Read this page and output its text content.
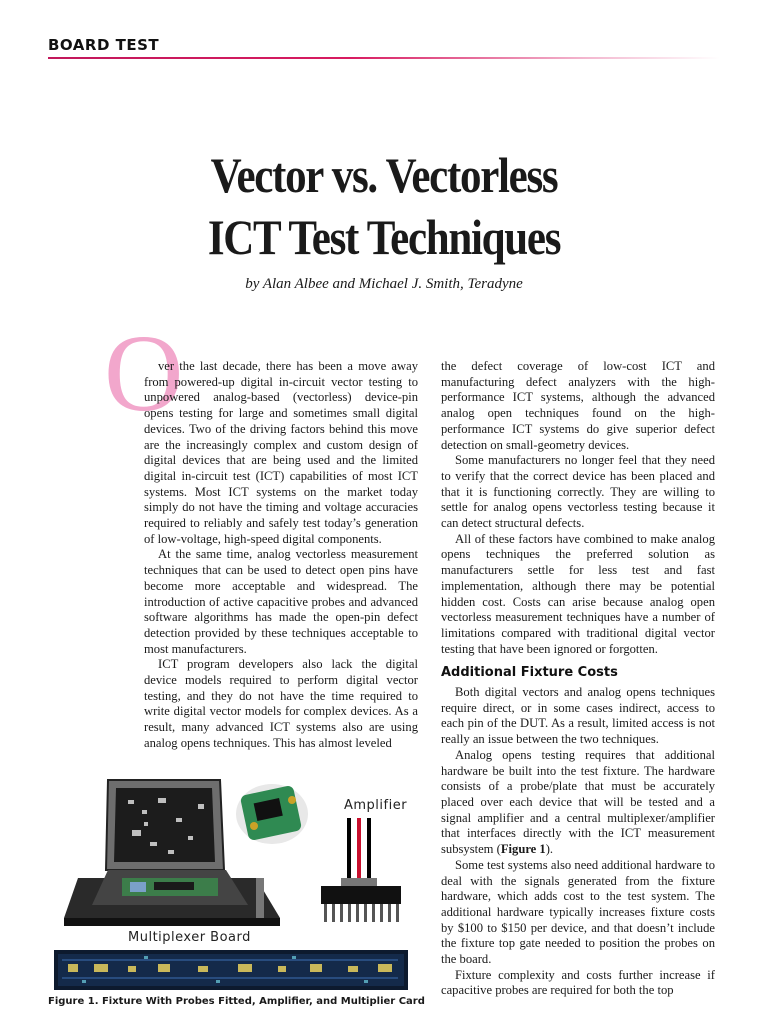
BOARD TEST
Vector vs. Vectorless
ICT Test Techniques
by Alan Albee and Michael J. Smith, Teradyne
O

ver the last decade, there has been a move away from powered-up digital in-circuit vector testing to unpowered analog-based (vectorless) device-pin opens testing for large and sometimes small digital devices. Two of the driving factors behind this move are the increasingly complex and custom design of digital devices that are being used and the limited digital in-circuit test (ICT) capabilities of most ICT systems. Most ICT systems on the market today simply do not have the timing and voltage accuracies required to reliably and safely test today’s generation of low-voltage, high-speed digital components.

At the same time, analog vectorless measurement techniques that can be used to detect open pins have become more acceptable and widespread. The introduction of active capacitive probes and advanced software algorithms has made the open-pin defect detection provided by these techniques acceptable to most manufacturers.

ICT program developers also lack the digital device models required to perform digital vector testing, and they do not have the time required to write digital vector models for complex devices. As a result, many advanced ICT systems also are using analog opens techniques. This has almost leveled

the defect coverage of low-cost ICT and manufacturing defect analyzers with the high-performance ICT systems, although the advanced analog open techniques found on the high-performance ICT systems do give superior defect detection on small-geometry devices.

Some manufacturers no longer feel that they need to verify that the correct device has been placed and that it is functioning correctly. They are willing to settle for analog opens vectorless testing because it can detect structural defects.

All of these factors have combined to make analog opens techniques the preferred solution as manufacturers settle for less test and fast implementation, although there may be potential hidden cost. Costs can arise because analog open vectorless measurement techniques have a number of limitations compared with traditional digital vector testing that have been ignored or forgotten.

Additional Fixture Costs

Both digital vectors and analog opens techniques require direct, or in some cases indirect, access to each pin of the DUT. As a result, limited access is not really an issue between the two techniques.

Analog opens testing requires that additional hardware be built into the test fixture. The hardware consists of a probe/plate that must be accurately placed over each device that will be tested and a signal amplifier and a central multiplexer/amplifier that interfaces directly with the ICT measurement subsystem (Figure 1).

Some test systems also need additional hardware to deal with the signals generated from the fixture hardware, which adds cost to the test system. The additional hardware typically increases fixture costs by $100 to $150 per device, and that doesn’t include the fixture top gate needed to position the probes on the board.

Fixture complexity and costs further increase if capacitive probes are required for both the top

Amplifier
Multiplexer Board
Figure 1. Fixture With Probes Fitted, Amplifier, and Multiplier Card
